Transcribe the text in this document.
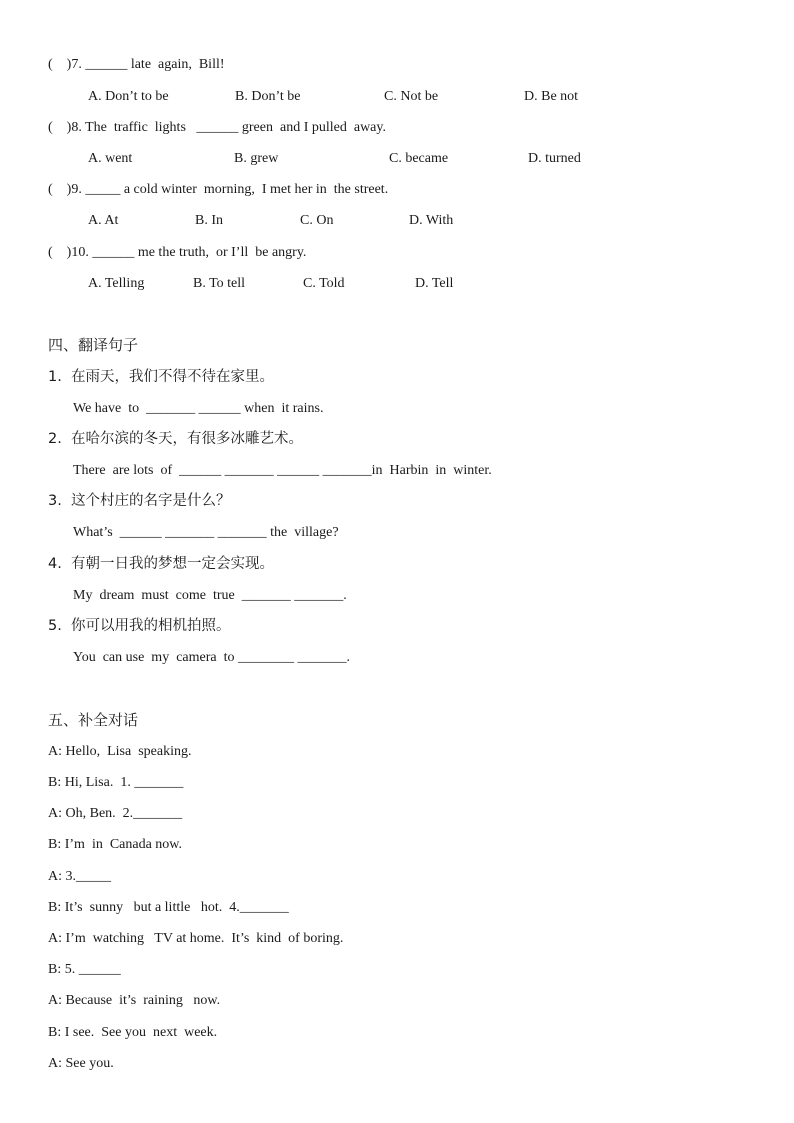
(    )7. ______ late  again,  Bill!
A. Don’t to be	B. Don’t be	C. Not be	D. Be not
(    )8. The  traffic  lights   ______ green  and I pulled  away.
A. went	B. grew	C. became	D. turned
(    )9. _____ a cold winter  morning,  I met her in  the street.
A. At	B. In	C. On	D. With
(    )10. ______ me the truth,  or I’ll  be angry.
A. Telling	B. To tell	C. Told	D. Tell
四、翻译句子
1.  在雨天，我们不得不待在家里。
We have  to  _______ ______ when  it rains.
2.  在哈尔滨的冬天，有很多冰雕艺术。
There  are lots  of  ______ _______ ______ _______in  Harbin  in  winter.
3.  这个村庄的名字是什么？
What’s  ______ _______ _______ the  village?
4.  有朝一日我的梦想一定会实现。
My  dream  must  come  true  _______ _______.
5.  你可以用我的相机拍照。
You  can use  my  camera  to ________ _______.
五、补全对话
A: Hello,  Lisa  speaking.
B: Hi, Lisa.  1. _______
A: Oh, Ben.  2._______
B: I’m  in  Canada now.
A: 3._____
B: It’s  sunny   but a little   hot.  4._______
A: I’m  watching   TV at home.  It’s  kind  of boring.
B: 5. ______
A: Because  it’s  raining   now.
B: I see.  See you  next  week.
A: See you.
